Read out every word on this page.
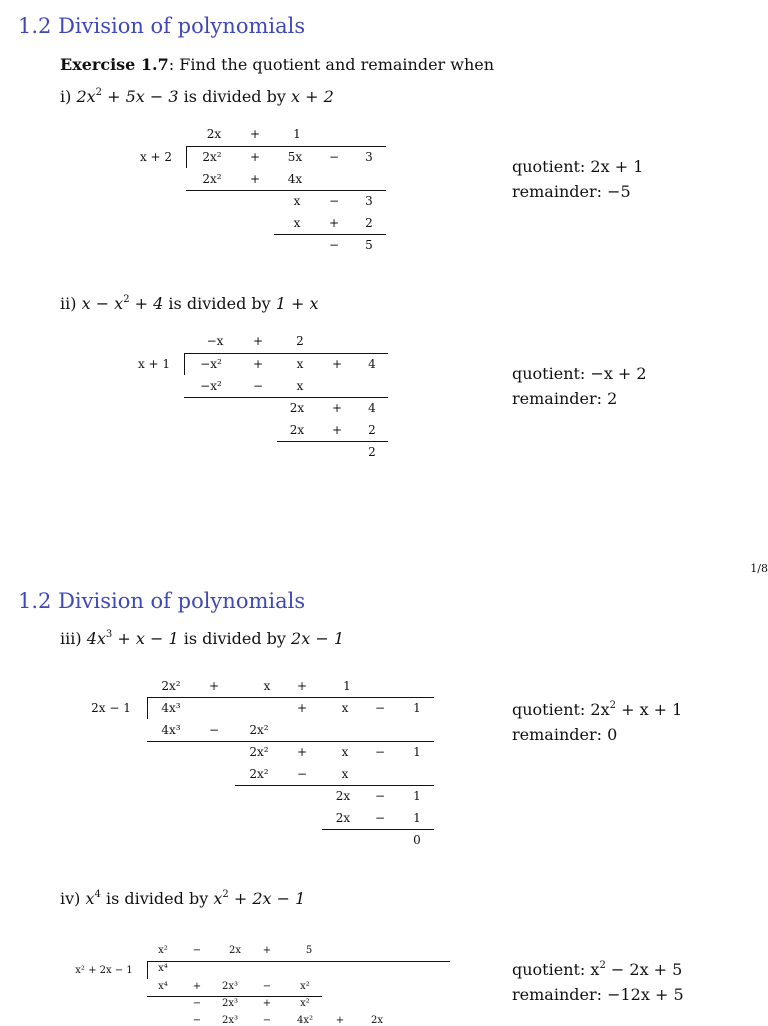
1.2 Division of polynomials
Exercise 1.7: Find the quotient and remainder when
i) $2x^2 + 5x - 3$ is divided by x + 2
x + 2
2x +	1
2x² + 5x − 3
2x² + 4x
x − 3
x + 2
− 5
quotient: 2x + 1
remainder: −5
ii) $x - x^2 + 4$ is divided by 1 + x
x + 1
−x +	2
−x²	+	x + 4
−x²	−	x
2x + 4
2x + 2
2
quotient: −x + 2
remainder: 2
1/8
1.2 Division of polynomials
iii) $4x^3 + x - 1$ is divided by 2x − 1
2x − 1
2x² +	x +	1
4x³	+	x − 1
4x³ −	2x²
2x² +	x − 1
2x² −	x
2x − 1
2x − 1
0
quotient: $2x^2 + x + 1$
remainder: 0
iv) $x^4$ is divided by $x^2 + 2x - 1$
x² + 2x − 1
x² −	2x +	5
x⁴
x⁴ + 2x³ −	x²
− 2x³ +	x²
− 2x³ −	4x² +	2x
quotient: $x^2 - 2x + 5$
remainder: −12x + 5
